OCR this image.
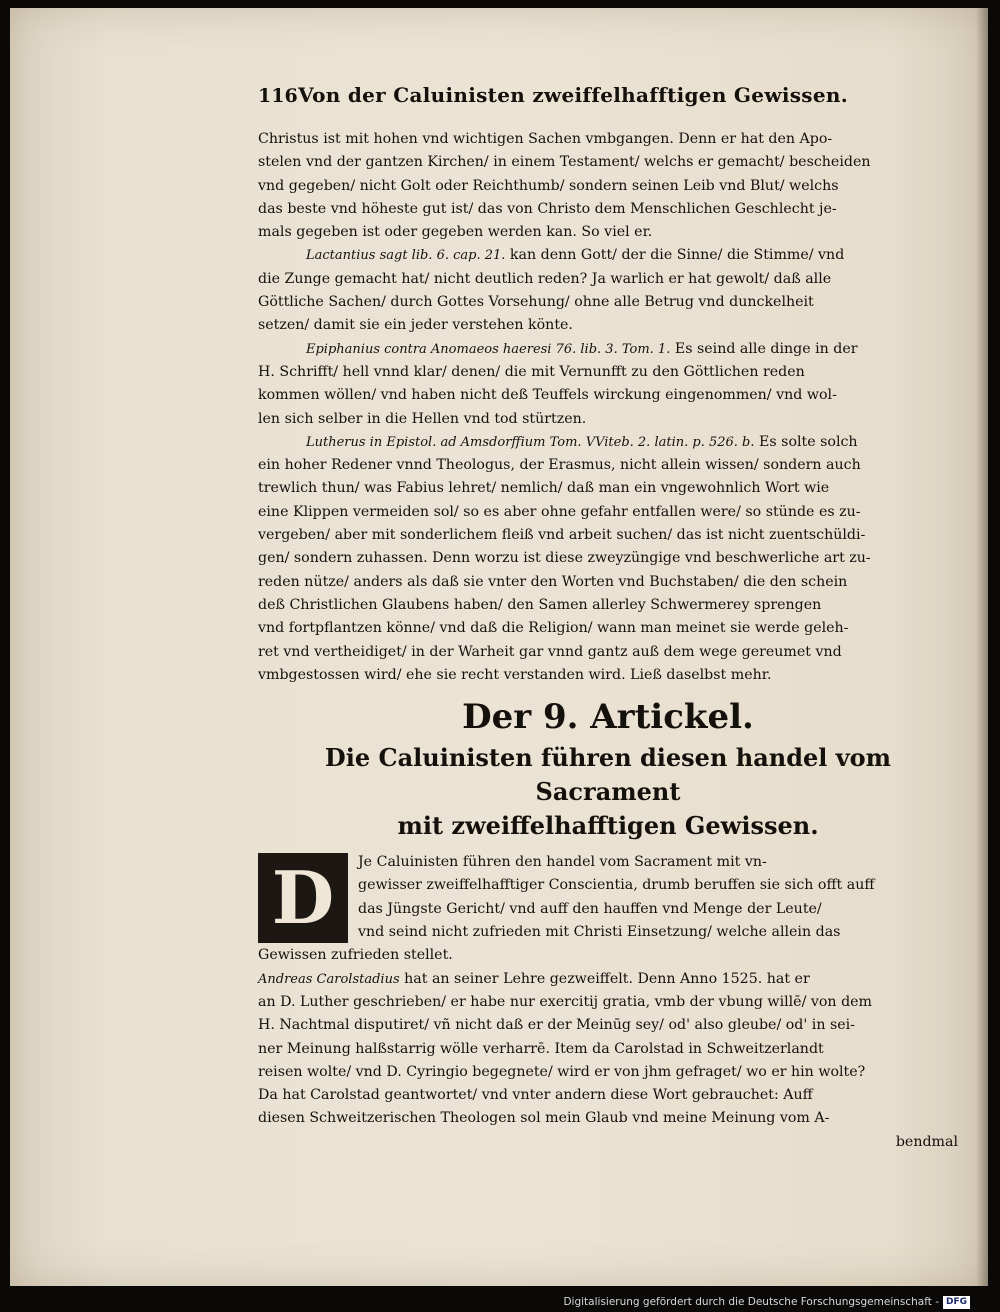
116 Von der Caluinisten zweiffelhafftigen Gewissen.

Christus ist mit hohen vnd wichtigen Sachen vmbgangen. Denn er hat den Apo-
stelen vnd der gantzen Kirchen/ in einem Testament/ welchs er gemacht/ bescheiden
vnd gegeben/ nicht Golt oder Reichthumb/ sondern seinen Leib vnd Blut/ welchs
das beste vnd höheste gut ist/ das von Christo dem Menschlichen Geschlecht je-
mals gegeben ist oder gegeben werden kan. So viel er.

Lactantius sagt lib. 6. cap. 21. kan denn Gott/ der die Sinne/ die Stimme/ vnd
die Zunge gemacht hat/ nicht deutlich reden? Ja warlich er hat gewolt/ daß alle
Göttliche Sachen/ durch Gottes Vorsehung/ ohne alle Betrug vnd dunckelheit
setzen/ damit sie ein jeder verstehen könte.

Epiphanius contra Anomaeos haeresi 76. lib. 3. Tom. 1. Es seind alle dinge in der
H. Schrifft/ hell vnnd klar/ denen/ die mit Vernunfft zu den Göttlichen reden
kommen wöllen/ vnd haben nicht deß Teuffels wirckung eingenommen/ vnd wol-
len sich selber in die Hellen vnd tod stürtzen.

Lutherus in Epistol. ad Amsdorffium Tom. VViteb. 2. latin. p. 526. b. Es solte solch
ein hoher Redener vnnd Theologus, der Erasmus, nicht allein wissen/ sondern auch
trewlich thun/ was Fabius lehret/ nemlich/ daß man ein vngewohnlich Wort wie
eine Klippen vermeiden sol/ so es aber ohne gefahr entfallen were/ so stünde es zu-
vergeben/ aber mit sonderlichem fleiß vnd arbeit suchen/ das ist nicht zuentschüldi-
gen/ sondern zuhassen. Denn worzu ist diese zweyzüngige vnd beschwerliche art zu-
reden nütze/ anders als daß sie vnter den Worten vnd Buchstaben/ die den schein
deß Christlichen Glaubens haben/ den Samen allerley Schwermerey sprengen
vnd fortpflantzen könne/ vnd daß die Religion/ wann man meinet sie werde geleh-
ret vnd vertheidiget/ in der Warheit gar vnnd gantz auß dem wege gereumet vnd
vmbgestossen wird/ ehe sie recht verstanden wird. Ließ daselbst mehr.

Der 9. Artickel.
Die Caluinisten führen diesen handel vom Sacrament
mit zweiffelhafftigen Gewissen.
D	Je Caluinisten führen den handel vom Sacrament mit vn-
gewisser zweiffelhafftiger Conscientia, drumb beruffen sie sich offt auff
das Jüngste Gericht/ vnd auff den hauffen vnd Menge der Leute/
vnd seind nicht zufrieden mit Christi Einsetzung/ welche allein das
Gewissen zufrieden stellet.

Andreas Carolstadius hat an seiner Lehre gezweiffelt. Denn Anno 1525. hat er
an D. Luther geschrieben/ er habe nur exercitij gratia, vmb der vbung willē/ von dem
H. Nachtmal disputiret/ vñ nicht daß er der Meinūg sey/ od' also gleube/ od' in sei-
ner Meinung halßstarrig wölle verharrē. Item da Carolstad in Schweitzerlandt
reisen wolte/ vnd D. Cyringio begegnete/ wird er von jhm gefraget/ wo er hin wolte?
Da hat Carolstad geantwortet/ vnd vnter andern diese Wort gebrauchet: Auff
diesen Schweitzerischen Theologen sol mein Glaub vnd meine Meinung vom A-

bendmal
Digitalisierung gefördert durch die Deutsche Forschungsgemeinschaft - DFG
